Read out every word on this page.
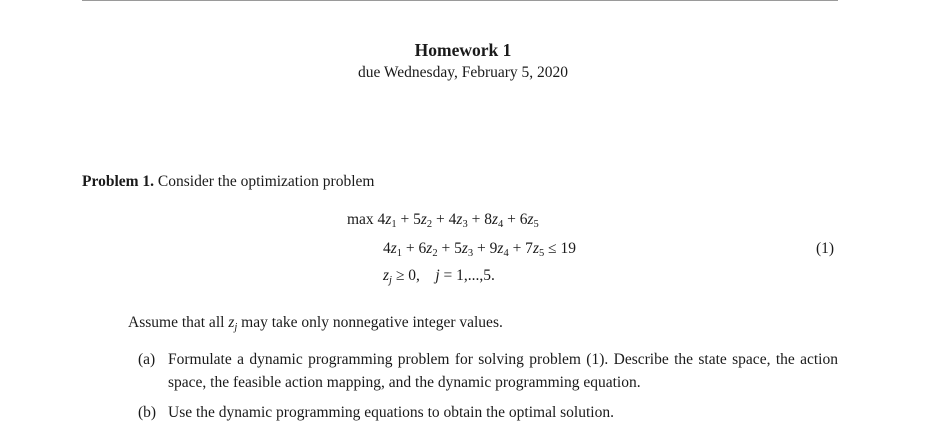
Homework 1
due Wednesday, February 5, 2020
Problem 1. Consider the optimization problem
$\max 4z_1 + 5z_2 + 4z_3 + 8z_4 + 6z_5$
$4z_1 + 6z_2 + 5z_3 + 9z_4 + 7z_5 \le 19$
$z_j \ge 0$,    j = 1,...,5.
(1)
Assume that all $z_j$ may take only nonnegative integer values.
(a) Formulate a dynamic programming problem for solving problem (1). Describe the state space, the action space, the feasible action mapping, and the dynamic programming equation.
(b) Use the dynamic programming equations to obtain the optimal solution.
